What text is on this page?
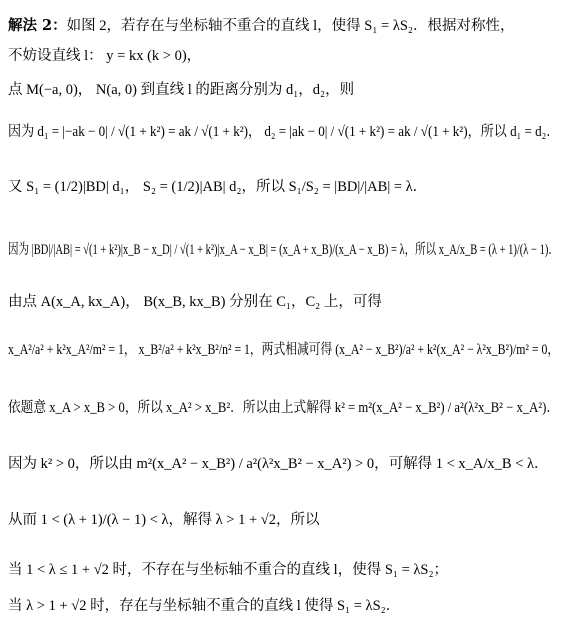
解法 2：如图 2，若存在与坐标轴不重合的直线 l，使得 S₁ = λS₂．根据对称性，
不妨设直线 l： y = kx (k > 0)，
点 M(−a, 0)， N(a, 0) 到直线 l 的距离分别为 d₁，d₂，则
因为 d₁ = |−ak − 0| / √(1 + k²) = ak / √(1 + k²)， d₂ = |ak − 0| / √(1 + k²) = ak / √(1 + k²)，所以 d₁ = d₂．
又 S₁ = (1/2)|BD| d₁， S₂ = (1/2)|AB| d₂，所以 S₁/S₂ = |BD|/|AB| = λ．
因为 |BD|/|AB| = √(1 + k²)|x_B − x_D| / √(1 + k²)|x_A − x_B| = (x_A + x_B)/(x_A − x_B) = λ，所以 x_A/x_B = (λ + 1)/(λ − 1)．
由点 A(x_A, kx_A)， B(x_B, kx_B) 分别在 C₁，C₂ 上，可得
x_A²/a² + k²x_A²/m² = 1， x_B²/a² + k²x_B²/n² = 1，两式相减可得 (x_A² − x_B²)/a² + k²(x_A² − λ²x_B²)/m² = 0，
依题意 x_A > x_B > 0，所以 x_A² > x_B²．所以由上式解得 k² = m²(x_A² − x_B²) / a²(λ²x_B² − x_A²)．
因为 k² > 0，所以由 m²(x_A² − x_B²) / a²(λ²x_B² − x_A²) > 0，可解得 1 < x_A/x_B < λ．
从而 1 < (λ + 1)/(λ − 1) < λ，解得 λ > 1 + √2，所以
当 1 < λ ≤ 1 + √2 时，不存在与坐标轴不重合的直线 l，使得 S₁ = λS₂；
当 λ > 1 + √2 时，存在与坐标轴不重合的直线 l 使得 S₁ = λS₂．
